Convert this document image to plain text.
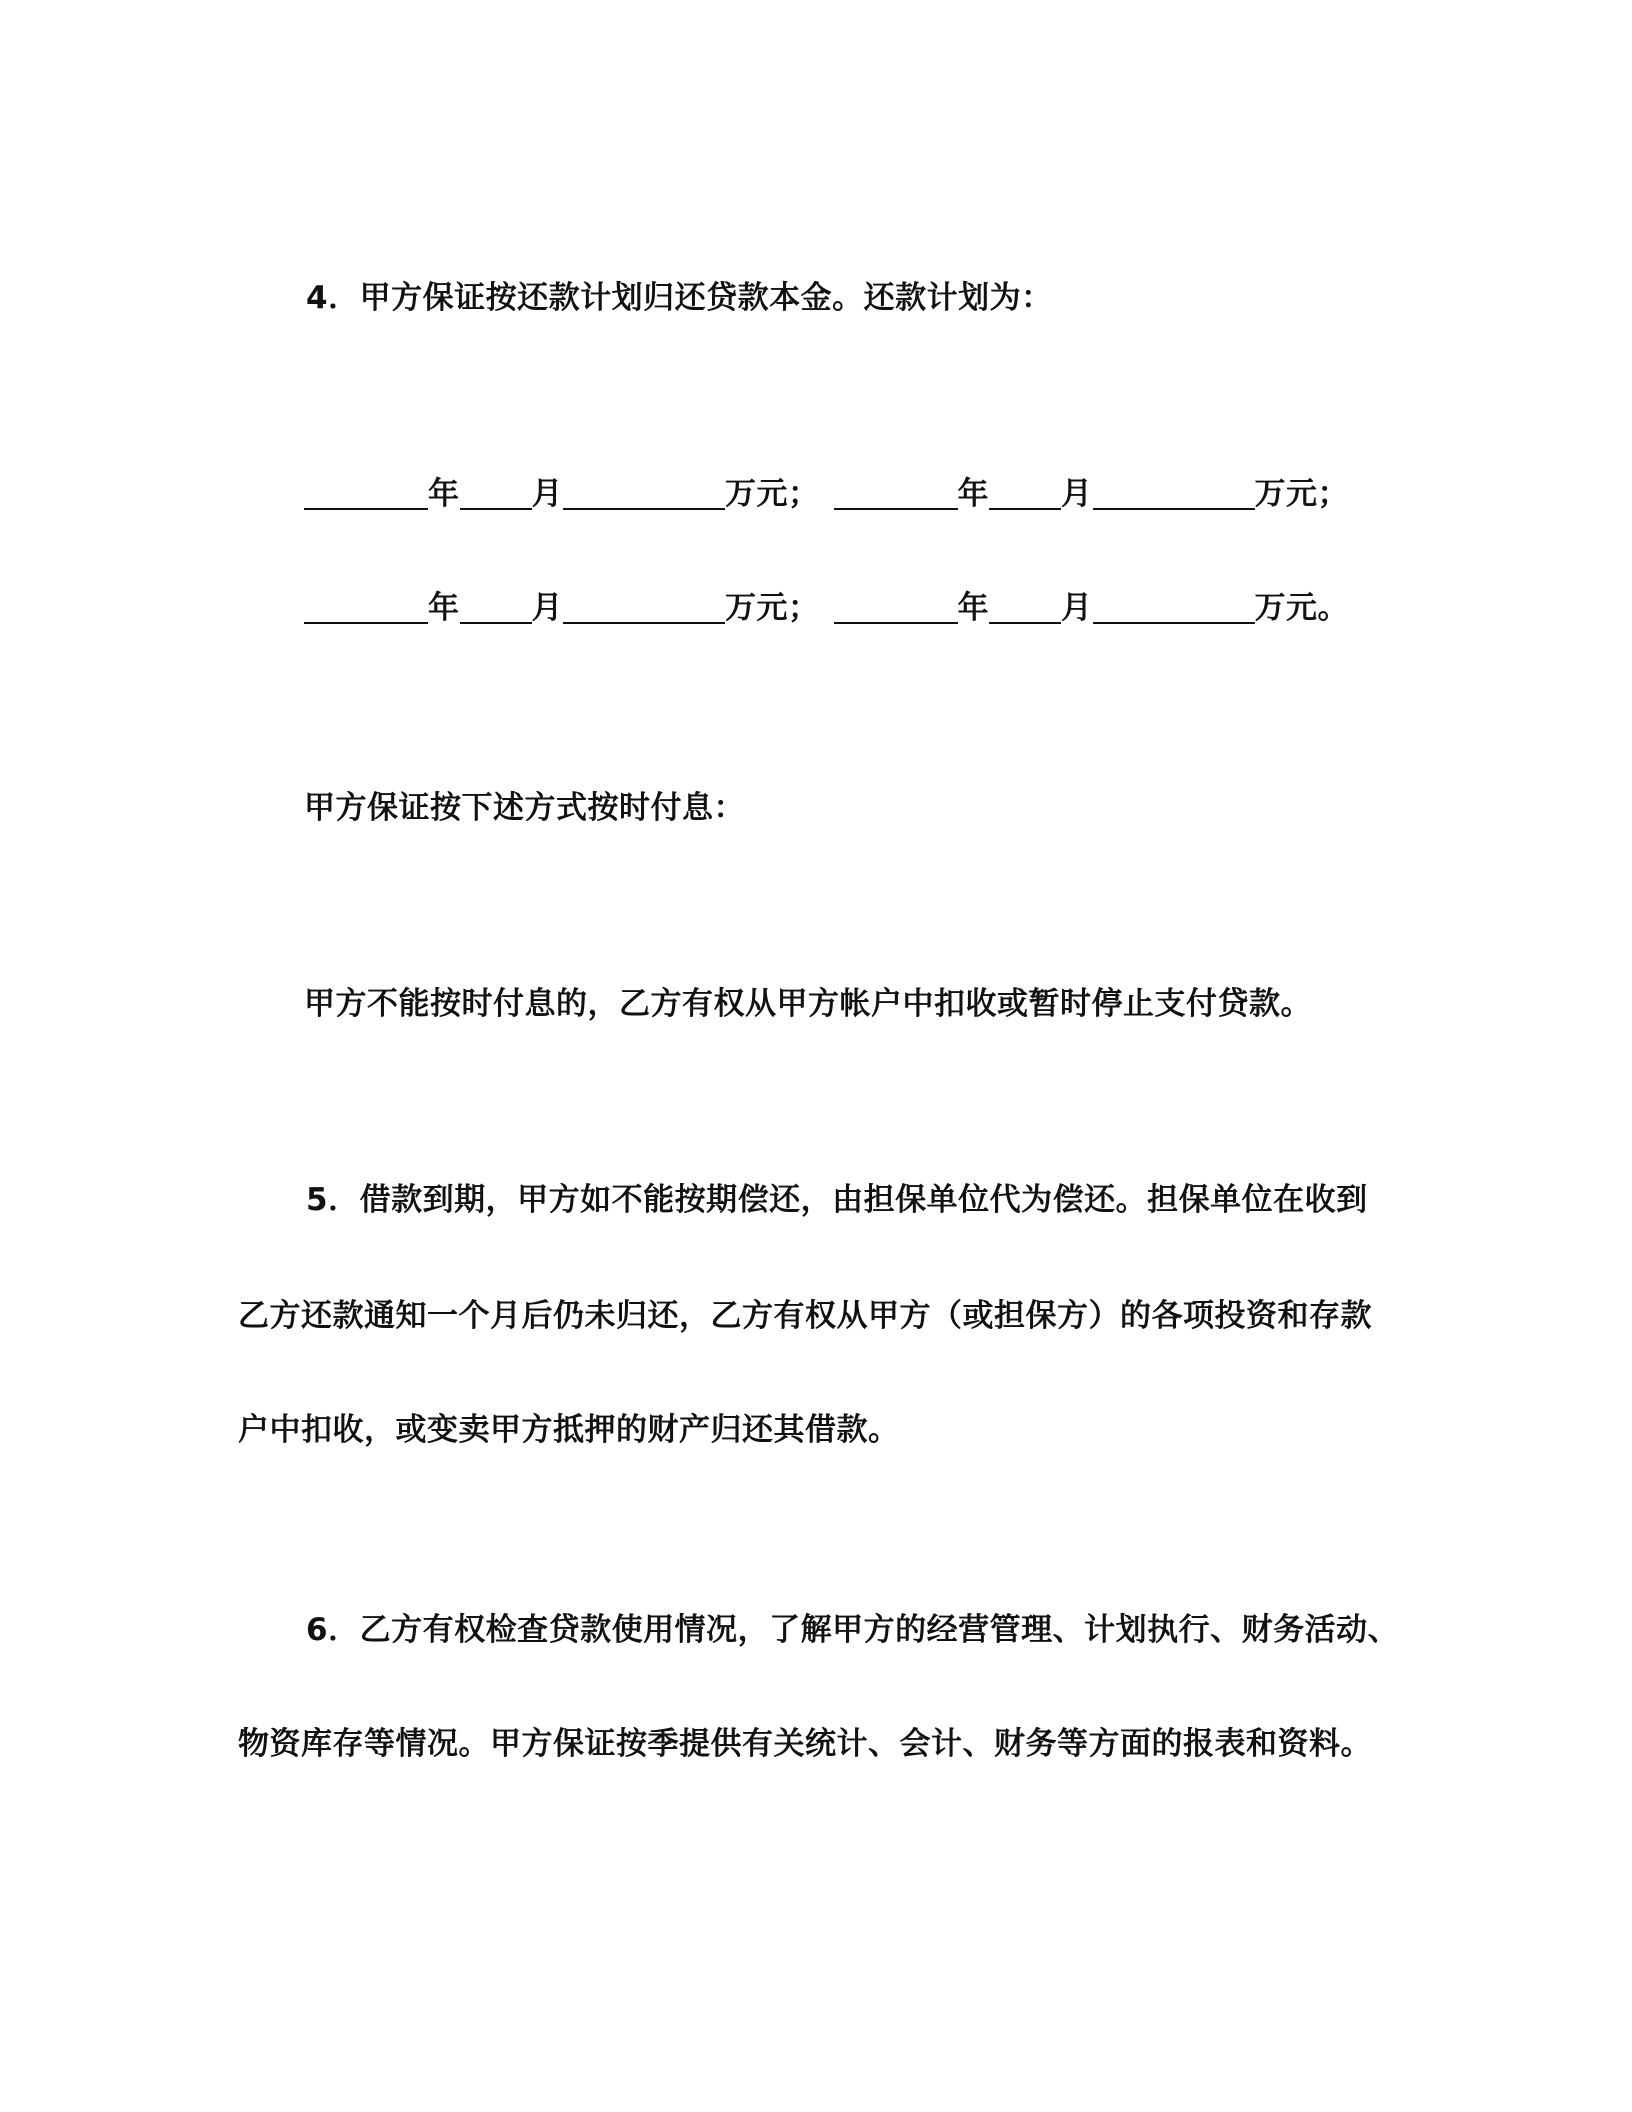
4．甲方保证按还款计划归还贷款本金。还款计划为：
年 月	万元；	年 月	万元；
年 月	万元；	年 月	万元。
甲方保证按下述方式按时付息：
甲方不能按时付息的，乙方有权从甲方帐户中扣收或暂时停止支付贷款。
5．借款到期，甲方如不能按期偿还，由担保单位代为偿还。担保单位在收到
乙方还款通知一个月后仍未归还，乙方有权从甲方（或担保方）的各项投资和存款
户中扣收，或变卖甲方抵押的财产归还其借款。
6．乙方有权检查贷款使用情况，了解甲方的经营管理、计划执行、财务活动、
物资库存等情况。甲方保证按季提供有关统计、会计、财务等方面的报表和资料。
